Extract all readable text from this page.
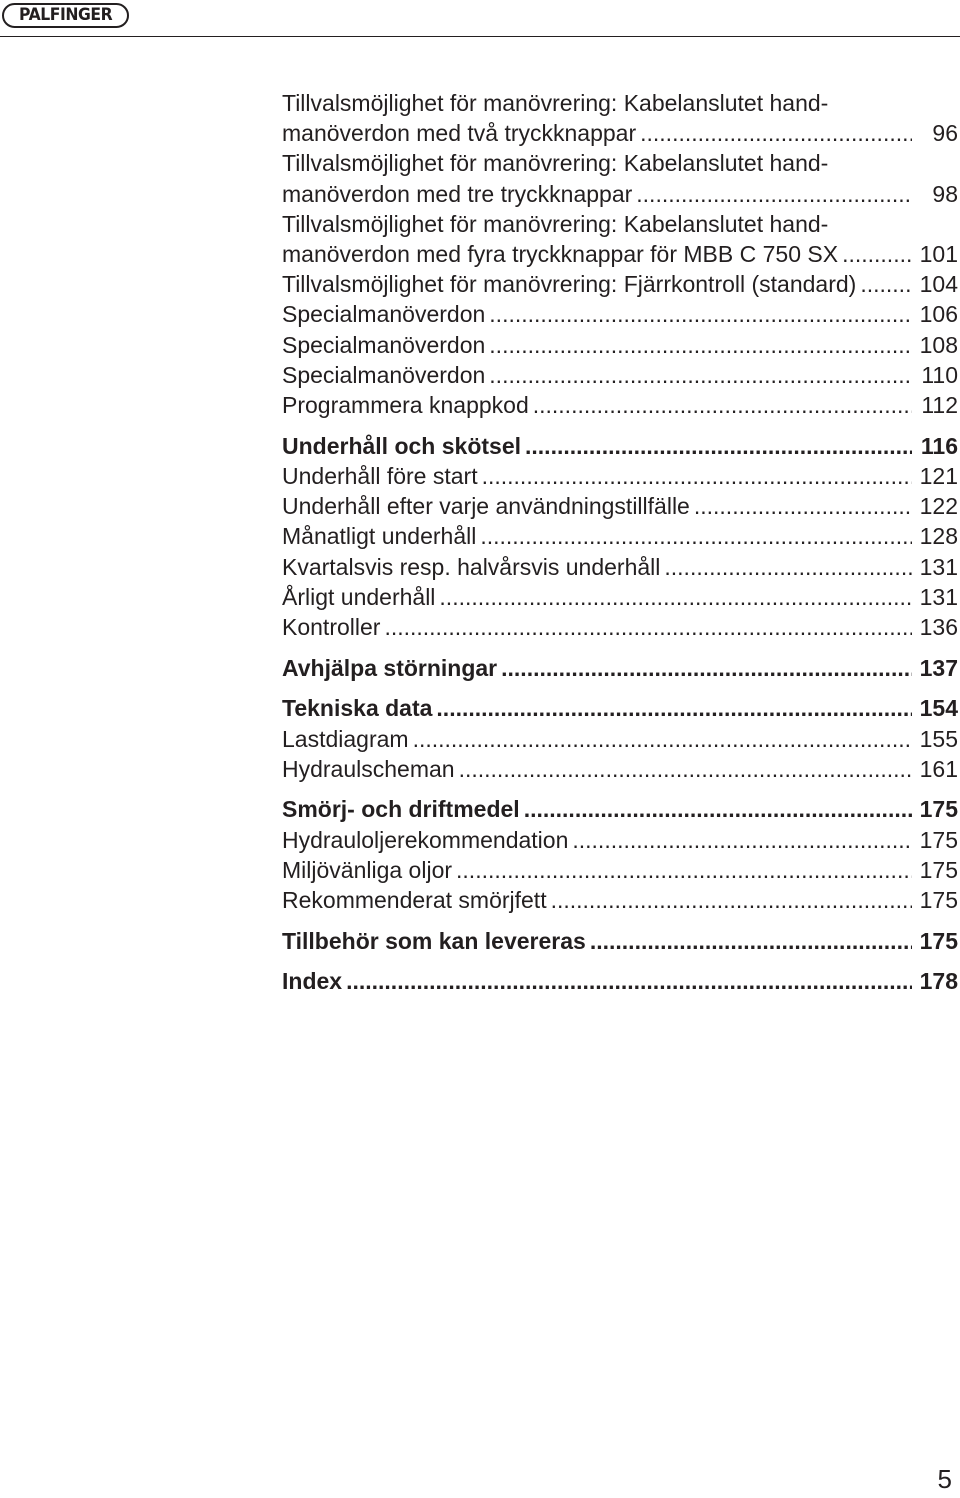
PALFINGER
Tillvalsmöjlighet för manövrering: Kabelanslutet hand-
manöverdon med två tryckknappar .....	96
Tillvalsmöjlighet för manövrering: Kabelanslutet hand-
manöverdon med tre tryckknappar .....	98
Tillvalsmöjlighet för manövrering: Kabelanslutet hand-
manöverdon med fyra tryckknappar för MBB C 750 SX .....	101
Tillvalsmöjlighet för manövrering: Fjärrkontroll (standard) .....	104
Specialmanöverdon .....	106
Specialmanöverdon .....	108
Specialmanöverdon .....	110
Programmera knappkod .....	112
Underhåll och skötsel .....	116
Underhåll före start .....	121
Underhåll efter varje användningstillfälle .....	122
Månatligt underhåll .....	128
Kvartalsvis resp. halvårsvis underhåll .....	131
Årligt underhåll .....	131
Kontroller .....	136
Avhjälpa störningar .....	137
Tekniska data .....	154
Lastdiagram .....	155
Hydraulscheman .....	161
Smörj- och driftmedel .....	175
Hydrauloljerekommendation .....	175
Miljövänliga oljor .....	175
Rekommenderat smörjfett .....	175
Tillbehör som kan levereras .....	175
Index .....	178
5
